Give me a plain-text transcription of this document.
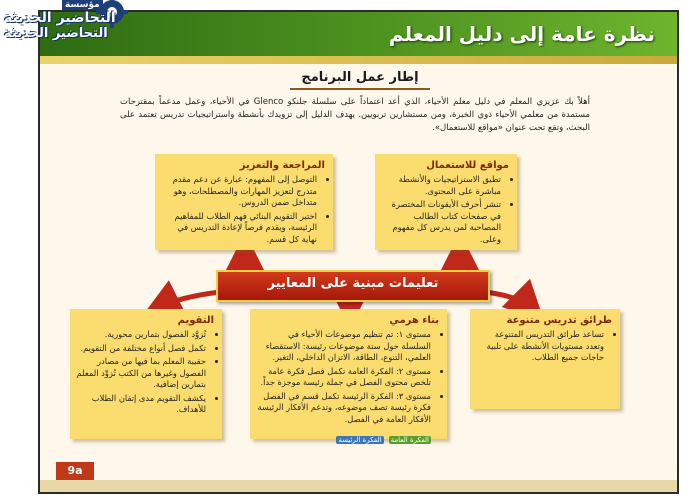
نظرة عامة إلى دليل المعلم
إطار عمل البرنامج
أهلاً بك عزيزي المعلم في دليل معلم الأحياء، الذي أعد اعتماداً على سلسلة جلنكو Glenco في الأحياء، وعمل مدعماً بمقترحات مستمدة من معلمي الأحياء ذوي الخبرة، ومن مستشارين تربويين. يهدف الدليل إلى تزويدك بأنشطة واستراتيجيات تدريس تعتمد على البحث، وتقع تحت عنوان «مواقع للاستعمال».
مواقع للاستعمال
• تطبق الاستراتيجيات والأنشطة مباشرة على المحتوى.
• تنشر أحرف الأيقونات المختصرة في صفحات كتاب الطالب المصاحبة لمن يدرس كل مفهوم وعلى.
المراجعة والتعزيز
• التوصل إلى المفهوم: عبارة عن دعم مقدم متدرج لتعزيز المهارات والمصطلحات، وهو متداخل ضمن الدروس.
• اختبر التقويم البنائي فهم الطلاب للمفاهيم الرئيسة، ويقدم فرصاً لإعادة التدريس في نهاية كل قسم.
تعليمات مبنية على المعايير
التقويم
• تُزوَّد الفصول بتمارين محورية.
• تكمل فصل أنواع مختلفة من التقويم.
• حقيبة المعلم بما فيها من مصادر الفصول وغيرها من الكتب تُزوِّد المعلم بتمارين إضافية.
• يكشف التقويم مدى إتقان الطلاب للأهداف.
بناء هرمي
• مستوى ١: تم تنظيم موضوعات الأحياء في السلسلة حول ستة موضوعات رئيسة: الاستقصاء العلمي، التنوع، الطاقة، الاتزان الداخلي، التغير.
• مستوى ٢: الفكرة العامة تكمل فصل فكرة عامة تلخص محتوى الفصل في جملة رئيسة موجزة جداً.
• مستوى ٣: الفكرة الرئيسة تكمل قسم في الفصل فكرة رئيسة تصف موضوعه، وتدعم الأفكار الرئيسة الأفكار العامة في الفصل.
الفكرة العامة الفكرة الرئيسة
طرائق تدريس متنوعة
• تساعد طرائق التدريس المتنوعة وتعدد مستويات الأنشطة على تلبية حاجات جميع الطلاب.
9a
مؤسسة
التحاضير الحديثة
التحاضير الحديثة
